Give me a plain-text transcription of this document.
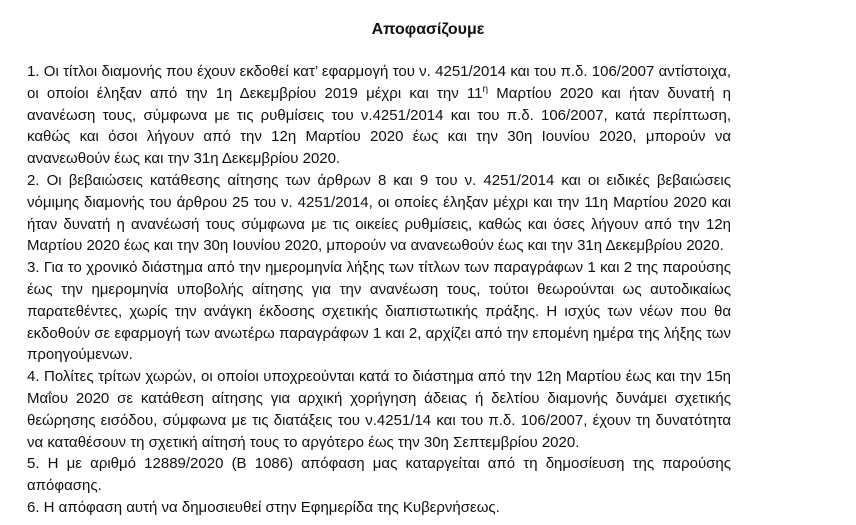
Αποφασίζουμε

1. Οι τίτλοι διαμονής που έχουν εκδοθεί κατ’ εφαρμογή του ν. 4251/2014 και του π.δ. 106/2007 αντίστοιχα, οι οποίοι έληξαν από την 1η Δεκεμβρίου 2019 μέχρι και την $11^\eta$ Μαρτίου 2020 και ήταν δυνατή η ανανέωση τους, σύμφωνα με τις ρυθμίσεις του ν.4251/2014 και του π.δ. 106/2007, κατά περίπτωση, καθώς και όσοι λήγουν από την 12η Μαρτίου 2020 έως και την 30η Ιουνίου 2020, μπορούν να ανανεωθούν έως και την 31η Δεκεμβρίου 2020.

2. Οι βεβαιώσεις κατάθεσης αίτησης των άρθρων 8 και 9 του ν. 4251/2014 και οι ειδικές βεβαιώσεις νόμιμης διαμονής του άρθρου 25 του ν. 4251/2014, οι οποίες έληξαν μέχρι και την 11η Μαρτίου 2020 και ήταν δυνατή η ανανέωσή τους σύμφωνα με τις οικείες ρυθμίσεις, καθώς και όσες λήγουν από την 12η Μαρτίου 2020 έως και την 30η Ιουνίου 2020, μπορούν να ανανεωθούν έως και την 31η Δεκεμβρίου 2020.

3. Για το χρονικό διάστημα από την ημερομηνία λήξης των τίτλων των παραγράφων 1 και 2 της παρούσης έως την ημερομηνία υποβολής αίτησης για την ανανέωση τους, τούτοι θεωρούνται ως αυτοδικαίως παρατεθέντες, χωρίς την ανάγκη έκδοσης σχετικής διαπιστωτικής πράξης. Η ισχύς των νέων που θα εκδοθούν σε εφαρμογή των ανωτέρω παραγράφων 1 και 2, αρχίζει από την επομένη ημέρα της λήξης των προηγούμενων.

4. Πολίτες τρίτων χωρών, οι οποίοι υποχρεούνται κατά το διάστημα από την 12η Μαρτίου έως και την 15η Μαΐου 2020 σε κατάθεση αίτησης για αρχική χορήγηση άδειας ή δελτίου διαμονής δυνάμει σχετικής θεώρησης εισόδου, σύμφωνα με τις διατάξεις του ν.4251/14 και του π.δ. 106/2007, έχουν τη δυνατότητα να καταθέσουν τη σχετική αίτησή τους το αργότερο έως την 30η Σεπτεμβρίου 2020.

5. Η με αριθμό 12889/2020 (Β 1086) απόφαση μας καταργείται από τη δημοσίευση της παρούσης απόφασης.

6. Η απόφαση αυτή να δημοσιευθεί στην Εφημερίδα της Κυβερνήσεως.
